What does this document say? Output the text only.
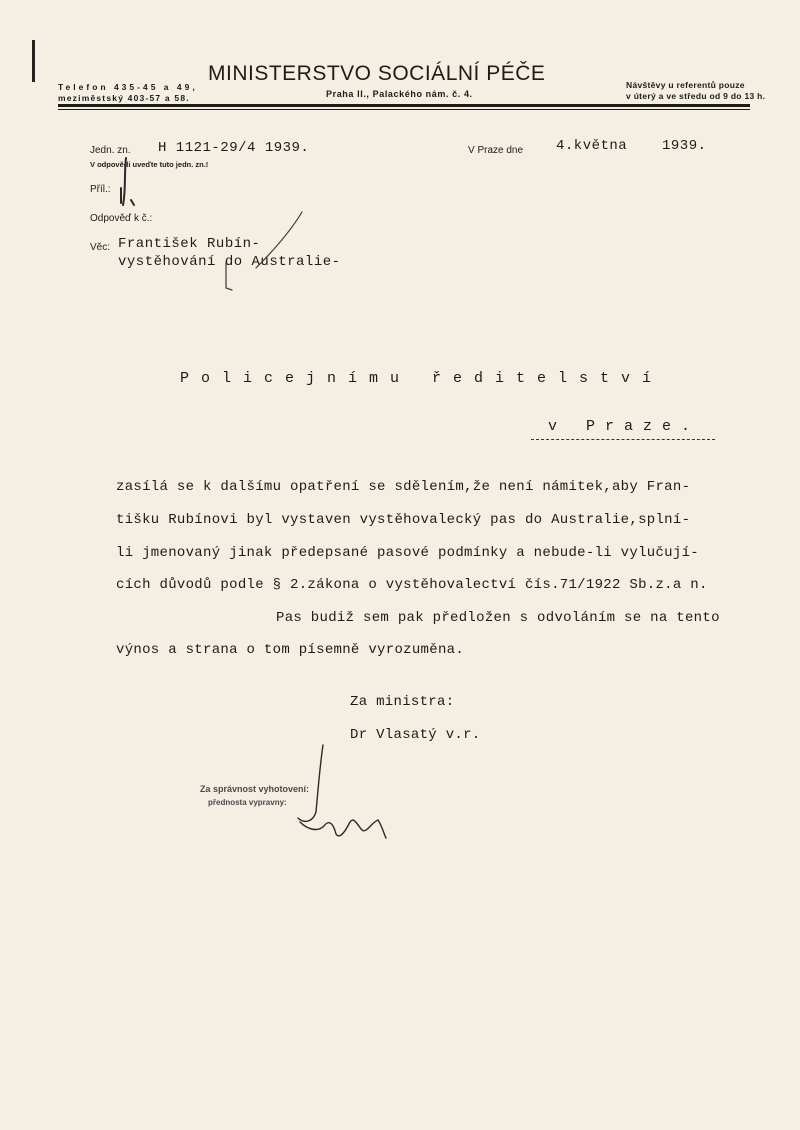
Telefon 435-45 a 49,
meziměstský 403-57 a 58.
MINISTERSTVO SOCIÁLNÍ PÉČE
Praha II., Palackého nám. č. 4.
Návštěvy u referentů pouze
v úterý a ve středu od 9 do 13 h.
Jedn. zn. H 1121-29/4 1939.
V odpovědi uveďte tuto jedn. zn.!
V Praze dne 4.května 1939.
Příl.:
Odpověď k č.:
Věc: František Rubín-
vystěhování do Australie-
Policejnímu ředitelství
v Praze.
zasílá se k dalšímu opatření se sdělením,že není námitek,aby Fran-
tišku Rubínovi byl vystaven vystěhovalecký pas do Australie,splní-
li jmenovaný jinak předepsané pasové podmínky a nebude-li vylučují-
cích důvodů podle § 2.zákona o vystěhovalectví čís.71/1922 Sb.z.a n.
Pas budiž sem pak předložen s odvoláním se na tento
výnos a strana o tom písemně vyrozuměna.
Za ministra:
Dr Vlasatý v.r.
Za správnost vyhotovení:
přednosta vypravny:
